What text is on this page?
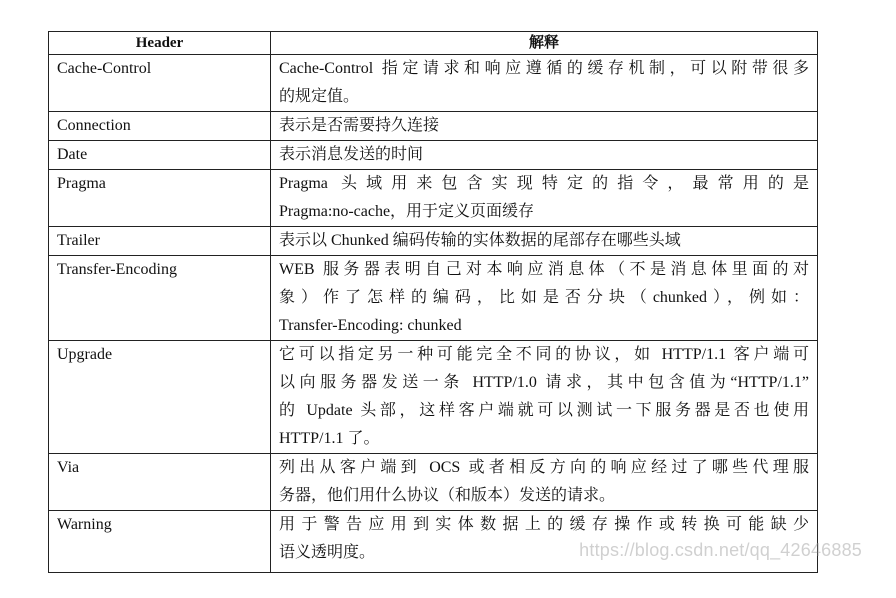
Header	解释
Cache-Control	Cache-Control 指定请求和响应遵循的缓存机制，可以附带很多
的规定值。

Connection	表示是否需要持久连接

Date	表示消息发送的时间

Pragma	Pragma 头域用来包含实现特定的指令，最常用的是
Pragma:no-cache，用于定义页面缓存

Trailer	表示以 Chunked 编码传输的实体数据的尾部存在哪些头域

Transfer-Encoding	WEB 服务器表明自己对本响应消息体（不是消息体里面的对
象）作了怎样的编码，比如是否分块（chunked），例如：
Transfer-Encoding: chunked

Upgrade	它可以指定另一种可能完全不同的协议，如 HTTP/1.1 客户端可
以向服务器发送一条 HTTP/1.0 请求，其中包含值为“HTTP/1.1”
的 Update 头部，这样客户端就可以测试一下服务器是否也使用
HTTP/1.1 了。

Via	列出从客户端到 OCS 或者相反方向的响应经过了哪些代理服
务器，他们用什么协议（和版本）发送的请求。

Warning	用于警告应用到实体数据上的缓存操作或转换可能缺少
语义透明度。	https://blog.csdn.net/qq_42646885
